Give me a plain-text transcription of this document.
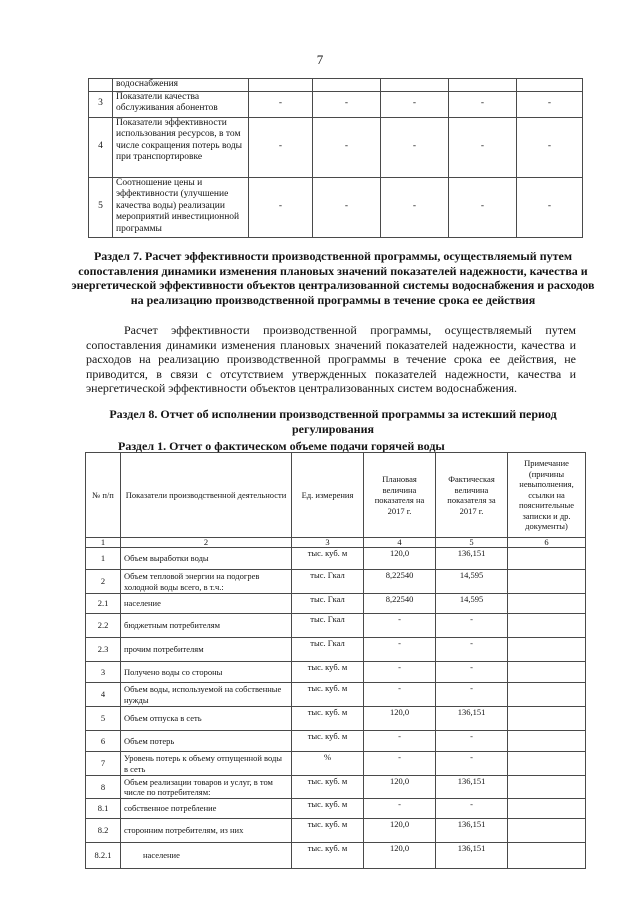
7
	водоснабжения					
3	Показатели качества обслуживания абонентов	-	-	-	-	-
4	Показатели эффективности использования ресурсов, в том числе сокращения потерь воды при транспортировке	-	-	-	-	-
5	Соотношение цены и эффективности (улучшение качества воды) реализации мероприятий инвестиционной программы	-	-	-	-	-
Раздел 7. Расчет эффективности производственной программы, осуществляемый путем сопоставления динамики изменения плановых значений показателей надежности, качества и энергетической эффективности объектов централизованной системы водоснабжения и расходов на реализацию производственной программы в течение срока ее действия
Расчет эффективности производственной программы, осуществляемый путем сопоставления динамики изменения плановых значений показателей надежности, качества и расходов на реализацию производственной программы в течение срока ее действия, не приводится, в связи с отсутствием утвержденных показателей надежности, качества и энергетической эффективности объектов централизованных систем водоснабжения.
Раздел 8. Отчет об исполнении производственной программы за истекший период регулирования
Раздел 1. Отчет о фактическом объеме подачи горячей воды
№ п/п	Показатели производственной деятельности	Ед. измерения	Плановая величина показателя на 2017 г.	Фактическая величина показателя за 2017 г.	Примечание (причины невыполнения, ссылки на пояснительные записки и др. документы)
1	2	3	4	5	6
1	Объем выработки воды	тыс. куб. м	120,0	136,151	
2	Объем тепловой энергии на подогрев холодной воды всего, в т.ч.:	тыс. Гкал	8,22540	14,595	
2.1	население	тыс. Гкал	8,22540	14,595	
2.2	бюджетным потребителям	тыс. Гкал	-	-	
2.3	прочим потребителям	тыс. Гкал	-	-	
3	Получено воды со стороны	тыс. куб. м	-	-	
4	Объем воды, используемой на собственные нужды	тыс. куб. м	-	-	
5	Объем отпуска в сеть	тыс. куб. м	120,0	136,151	
6	Объем потерь	тыс. куб. м	-	-	
7	Уровень потерь к объему отпущенной воды в сеть	%	-	-	
8	Объем реализации товаров и услуг, в том числе по потребителям:	тыс. куб. м	120,0	136,151	
8.1	собственное потребление	тыс. куб. м	-	-	
8.2	сторонним потребителям, из них	тыс. куб. м	120,0	136,151	
8.2.1	население	тыс. куб. м	120,0	136,151	
